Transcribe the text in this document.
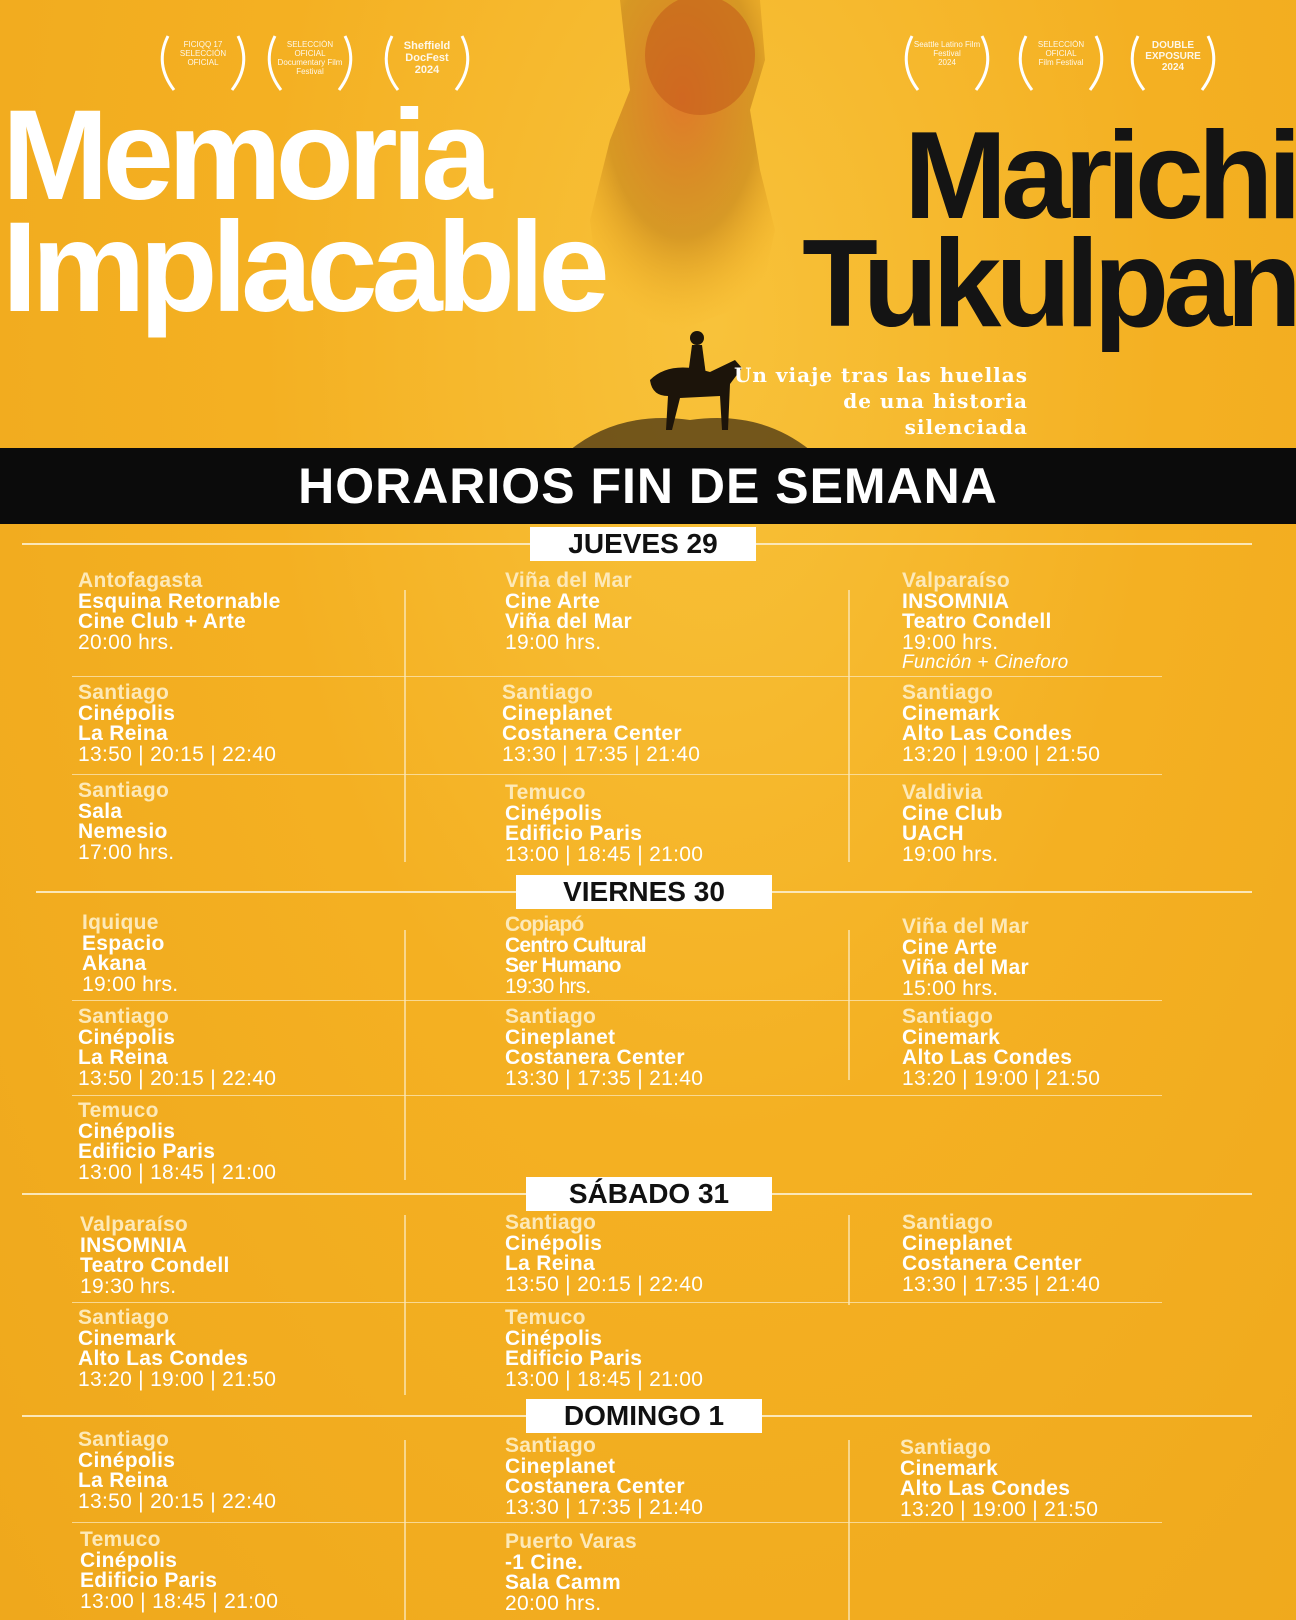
FICIQQ 17
SELECCIÓN OFICIAL
SELECCIÓN OFICIAL
Documentary Film Festival
Sheffield DocFest
2024
Seattle Latino Film Festival
2024
SELECCIÓN OFICIAL
Film Festival
DOUBLE EXPOSURE
2024
Memoria
Implacable
Marichi
Tukulpan
Un viaje tras las huellas
de una historia
silenciada
HORARIOS FIN DE SEMANA
JUEVES 29
Antofagasta
Esquina Retornable
Cine Club + Arte
20:00 hrs.
Viña del Mar
Cine Arte
Viña del Mar
19:00 hrs.
Valparaíso
INSOMNIA
Teatro Condell
19:00 hrs.
Función + Cineforo
Santiago
Cinépolis
La Reina
13:50 | 20:15 | 22:40
Santiago
Cineplanet
Costanera Center
13:30 | 17:35 | 21:40
Santiago
Cinemark
Alto Las Condes
13:20 | 19:00 | 21:50
Santiago
Sala
Nemesio
17:00 hrs.
Temuco
Cinépolis
Edificio Paris
13:00 | 18:45 | 21:00
Valdivia
Cine Club
UACH
19:00 hrs.
VIERNES 30
Iquique
Espacio
Akana
19:00 hrs.
Copiapó
Centro Cultural
Ser Humano
19:30 hrs.
Viña del Mar
Cine Arte
Viña del Mar
15:00 hrs.
Santiago
Cinépolis
La Reina
13:50 | 20:15 | 22:40
Santiago
Cineplanet
Costanera Center
13:30 | 17:35 | 21:40
Santiago
Cinemark
Alto Las Condes
13:20 | 19:00 | 21:50
Temuco
Cinépolis
Edificio Paris
13:00 | 18:45 | 21:00
SÁBADO 31
Valparaíso
INSOMNIA
Teatro Condell
19:30 hrs.
Santiago
Cinépolis
La Reina
13:50 | 20:15 | 22:40
Santiago
Cineplanet
Costanera Center
13:30 | 17:35 | 21:40
Santiago
Cinemark
Alto Las Condes
13:20 | 19:00 | 21:50
Temuco
Cinépolis
Edificio Paris
13:00 | 18:45 | 21:00
DOMINGO 1
Santiago
Cinépolis
La Reina
13:50 | 20:15 | 22:40
Santiago
Cineplanet
Costanera Center
13:30 | 17:35 | 21:40
Santiago
Cinemark
Alto Las Condes
13:20 | 19:00 | 21:50
Temuco
Cinépolis
Edificio Paris
13:00 | 18:45 | 21:00
Puerto Varas
-1 Cine.
Sala Camm
20:00 hrs.
